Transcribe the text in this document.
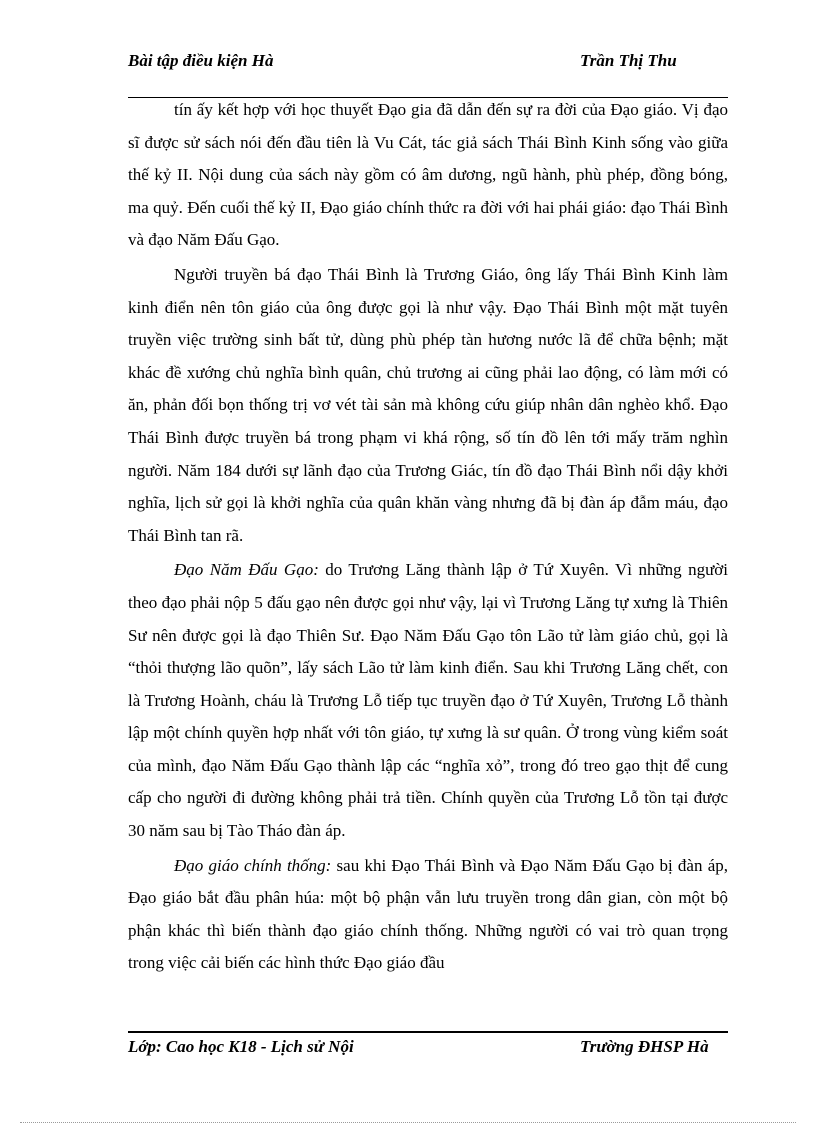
Bài tập điều kiện Hà	Trần Thị Thu

tín ấy kết hợp với học thuyết Đạo gia đã dẫn đến sự ra đời của Đạo giáo. Vị đạo sĩ được sử sách nói đến đầu tiên là Vu Cát, tác giả sách Thái Bình Kinh sống vào giữa thế kỷ II. Nội dung của sách này gồm có âm dương, ngũ hành, phù phép, đồng bóng, ma quỷ. Đến cuối thế kỷ II, Đạo giáo chính thức ra đời với hai phái giáo: đạo Thái Bình và đạo Năm Đấu Gạo.

Người truyền bá đạo Thái Bình là Trương Giáo, ông lấy Thái Bình Kinh làm kinh điển nên tôn giáo của ông được gọi là như vậy. Đạo Thái Bình một mặt tuyên truyền việc trường sinh bất tử, dùng phù phép tàn hương nước lã để chữa bệnh; mặt khác đề xướng chủ nghĩa bình quân, chủ trương ai cũng phải lao động, có làm mới có ăn, phản đối bọn thống trị vơ vét tài sản mà không cứu giúp nhân dân nghèo khổ. Đạo Thái Bình được truyền bá trong phạm vi khá rộng, số tín đồ lên tới mấy trăm nghìn người. Năm 184 dưới sự lãnh đạo của Trương Giác, tín đồ đạo Thái Bình nổi dậy khởi nghĩa, lịch sử gọi là khởi nghĩa của quân khăn vàng nhưng đã bị đàn áp đẫm máu, đạo Thái Bình tan rã.

Đạo Năm Đấu Gạo: do Trương Lăng thành lập ở Tứ Xuyên. Vì những người theo đạo phải nộp 5 đấu gạo nên được gọi như vậy, lại vì Trương Lăng tự xưng là Thiên Sư nên được gọi là đạo Thiên Sư. Đạo Năm Đấu Gạo tôn Lão tử làm giáo chủ, gọi là “thỏi thượng lão quõn”, lấy sách Lão tử làm kinh điển. Sau khi Trương Lăng chết, con là Trương Hoành, cháu là Trương Lỗ tiếp tục truyền đạo ở Tứ Xuyên, Trương Lỗ thành lập một chính quyền hợp nhất với tôn giáo, tự xưng là sư quân. Ở trong vùng kiểm soát của mình, đạo Năm Đấu Gạo thành lập các “nghĩa xỏ”, trong đó treo gạo thịt để cung cấp cho người đi đường không phải trả tiền. Chính quyền của Trương Lỗ tồn tại được 30 năm sau bị Tào Tháo đàn áp.

Đạo giáo chính thống: sau khi Đạo Thái Bình và Đạo Năm Đấu Gạo bị đàn áp, Đạo giáo bắt đầu phân húa: một bộ phận vẫn lưu truyền trong dân gian, còn một bộ phận khác thì biến thành đạo giáo chính thống. Những người có vai trò quan trọng trong việc cải biến các hình thức Đạo giáo đầu

Lớp: Cao học K18 - Lịch sử Nội	Trường ĐHSP Hà
